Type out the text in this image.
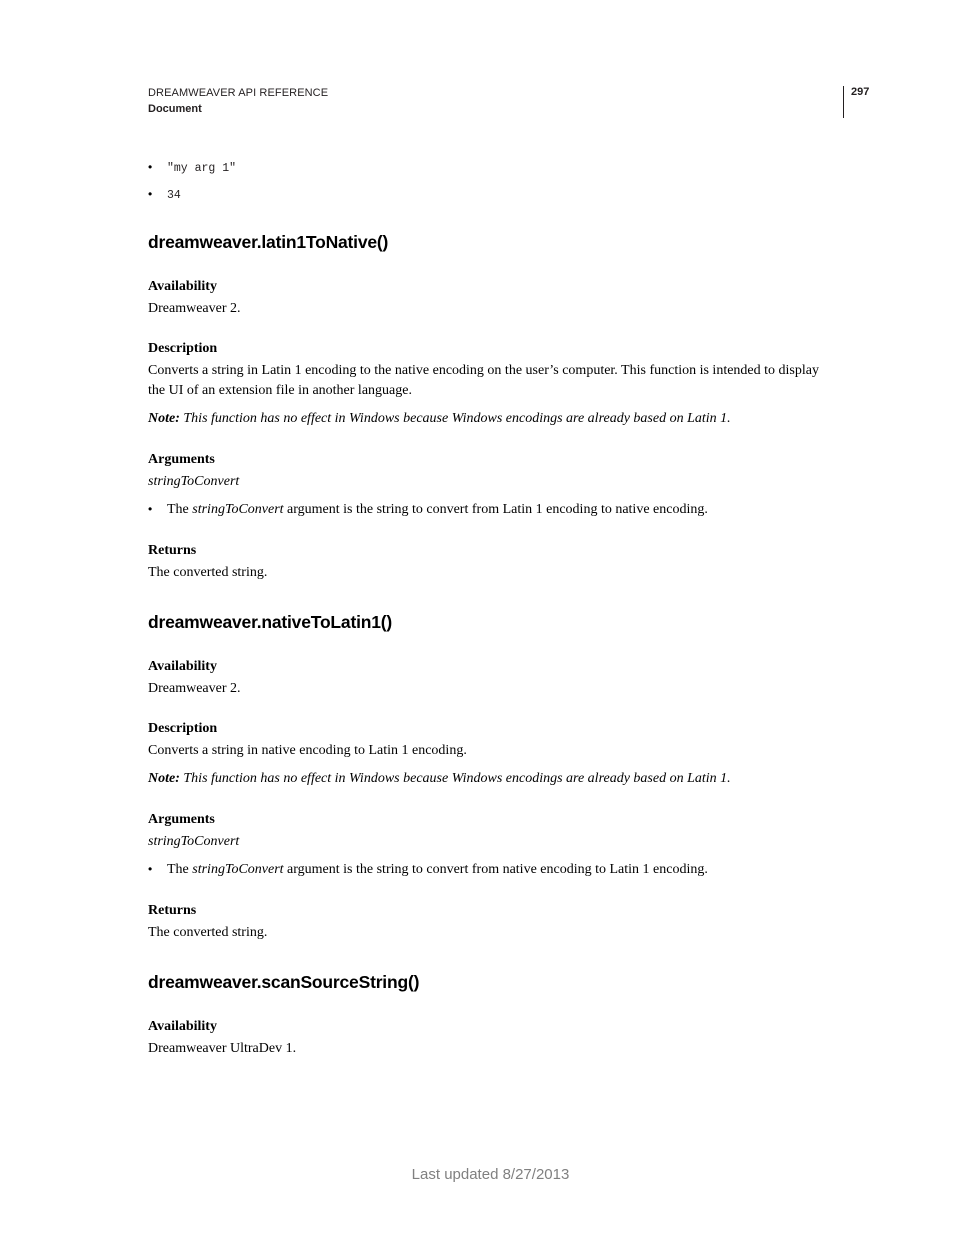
DREAMWEAVER API REFERENCE
Document
297
• "my arg 1"
• 34
dreamweaver.latin1ToNative()
Availability
Dreamweaver 2.
Description
Converts a string in Latin 1 encoding to the native encoding on the user’s computer. This function is intended to display the UI of an extension file in another language.
Note: This function has no effect in Windows because Windows encodings are already based on Latin 1.
Arguments
stringToConvert
• The stringToConvert argument is the string to convert from Latin 1 encoding to native encoding.
Returns
The converted string.
dreamweaver.nativeToLatin1()
Availability
Dreamweaver 2.
Description
Converts a string in native encoding to Latin 1 encoding.
Note: This function has no effect in Windows because Windows encodings are already based on Latin 1.
Arguments
stringToConvert
• The stringToConvert argument is the string to convert from native encoding to Latin 1 encoding.
Returns
The converted string.
dreamweaver.scanSourceString()
Availability
Dreamweaver UltraDev 1.
Last updated 8/27/2013
